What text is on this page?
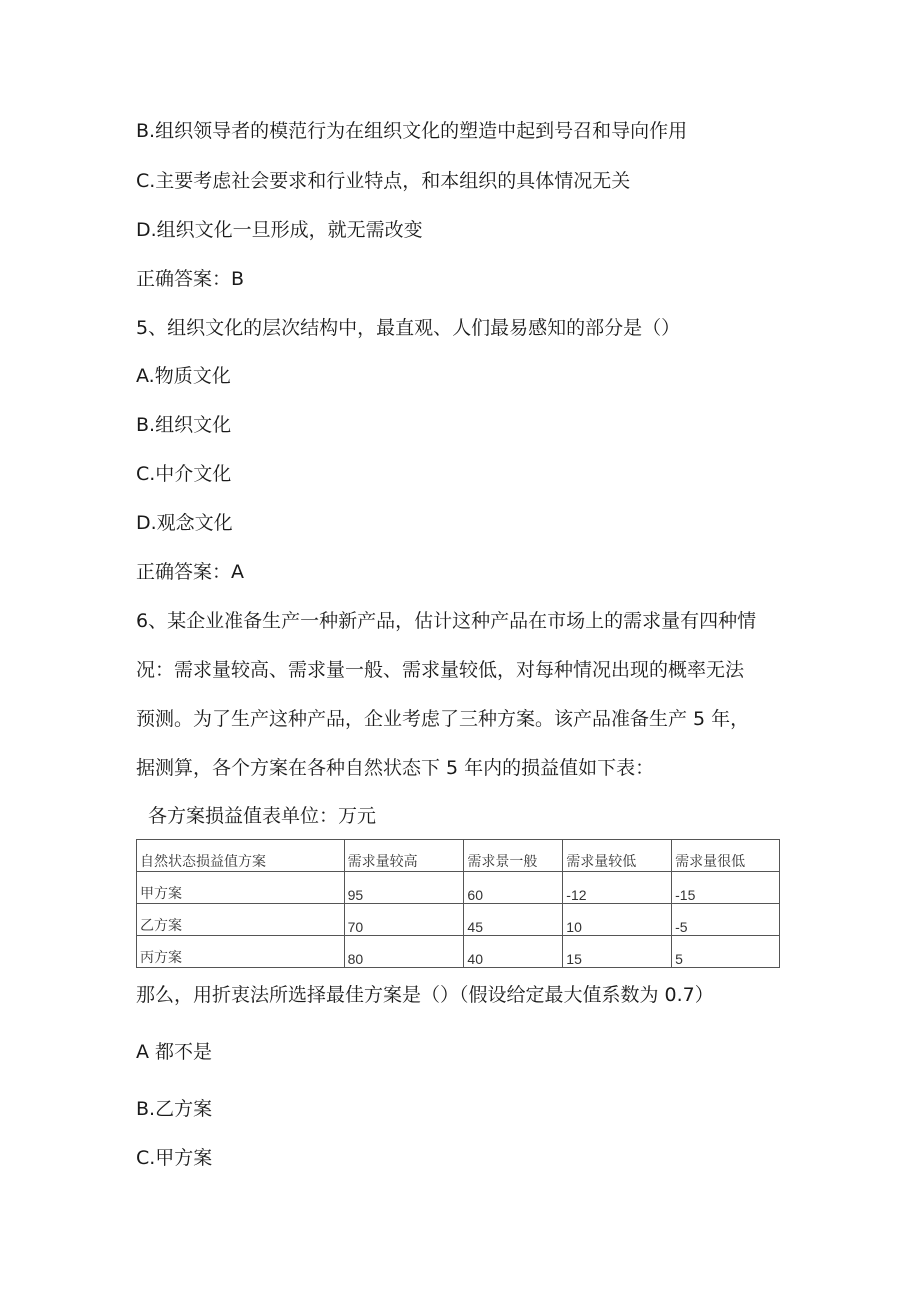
B.组织领导者的模范行为在组织文化的塑造中起到号召和导向作用
C.主要考虑社会要求和行业特点，和本组织的具体情况无关
D.组织文化一旦形成，就无需改变
正确答案：B
5、组织文化的层次结构中，最直观、人们最易感知的部分是（）
A.物质文化
B.组织文化
C.中介文化
D.观念文化
正确答案：A
6、某企业准备生产一种新产品，估计这种产品在市场上的需求量有四种情
况：需求量较高、需求量一般、需求量较低，对每种情况出现的概率无法
预测。为了生产这种产品，企业考虑了三种方案。该产品准备生产 5 年，
据测算，各个方案在各种自然状态下 5 年内的损益值如下表：
各方案损益值表单位：万元
自然状态损益值方案	需求量较高	需求景一般	需求量较低	需求量很低
甲方案	95	60	-12	-15
乙方案	70	45	10	-5
丙方案	80	40	15	5
那么，用折衷法所选择最佳方案是（）（假设给定最大值系数为 0.7）
A 都不是
B.乙方案
C.甲方案
